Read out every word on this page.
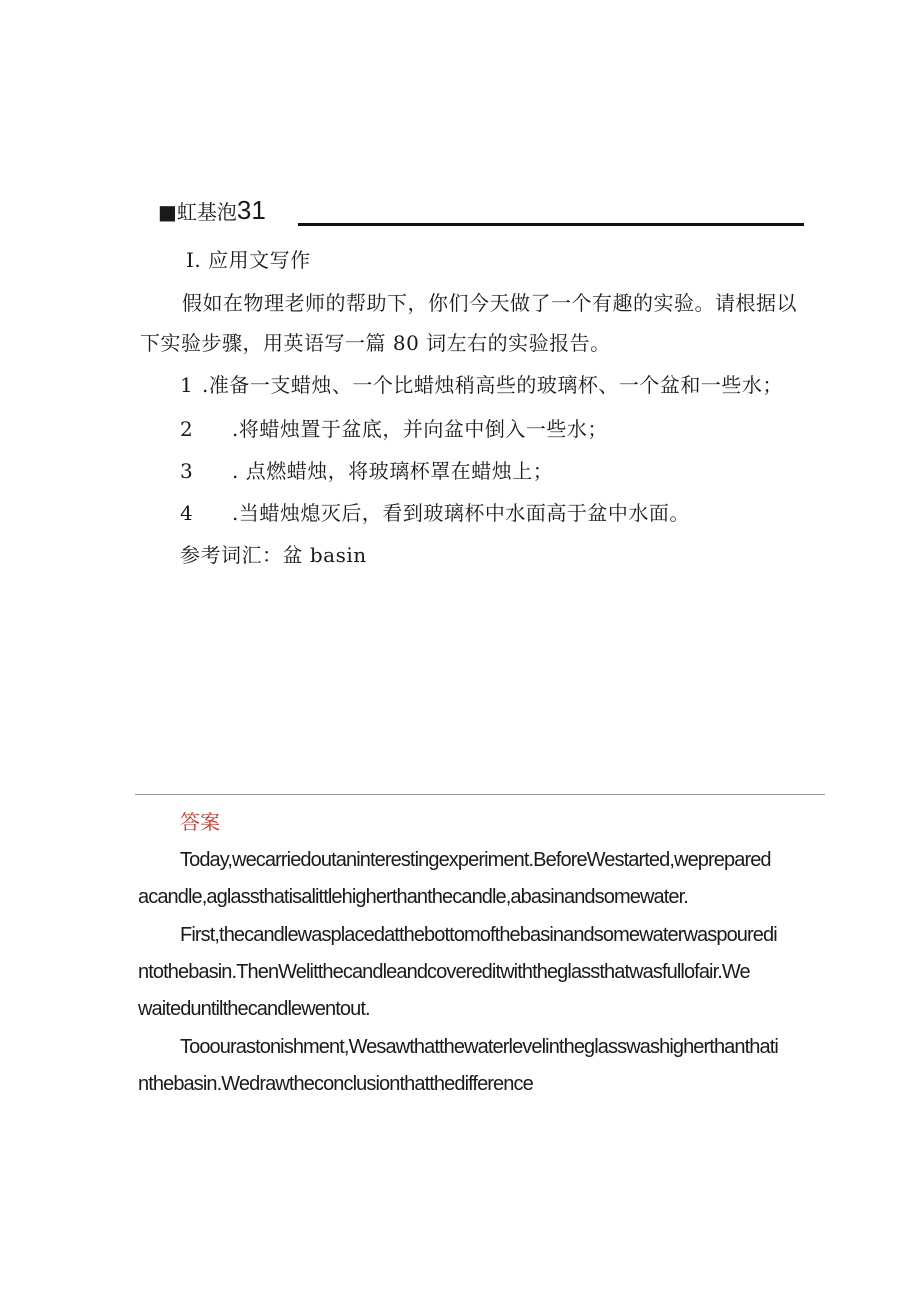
■虹基泡31
I. 应用文写作
假如在物理老师的帮助下，你们今天做了一个有趣的实验。请根据以
下实验步骤，用英语写一篇 80 词左右的实验报告。
1 .准备一支蜡烛、一个比蜡烛稍高些的玻璃杯、一个盆和一些水；
2 .将蜡烛置于盆底，并向盆中倒入一些水；
3 . 点燃蜡烛，将玻璃杯罩在蜡烛上；
4 .当蜡烛熄灭后，看到玻璃杯中水面高于盆中水面。
参考词汇：盆 basin
答案
Today,wecarriedoutaninterestingexperiment.BeforeWestarted,weprepared
acandle,aglassthatisalittlehigherthanthecandle,abasinandsomewater.
First,thecandlewasplacedatthebottomofthebasinandsomewaterwaspouredi
ntothebasin.ThenWelitthecandleandcovereditwiththeglassthatwasfullofair.We
waiteduntilthecandlewentout.
Tooourastonishment,Wesawthatthewaterlevelintheglasswashigherthanthati
nthebasin.Wedrawtheconclusionthatthedifference
